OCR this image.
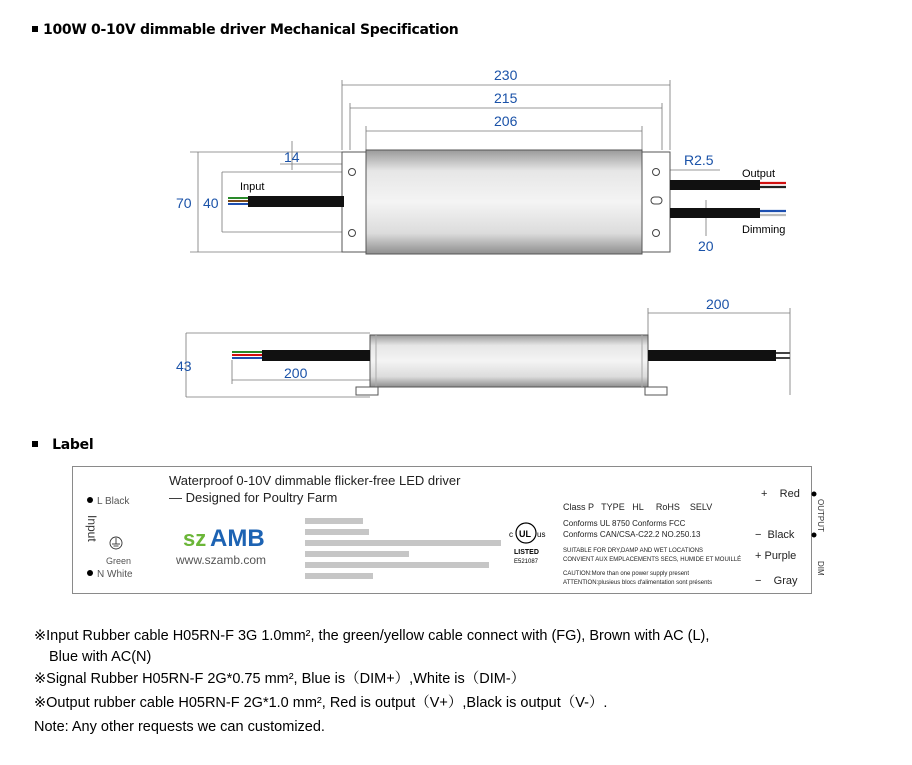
100W 0-10V dimmable driver Mechanical Specification
230
215
206
14
70 40
R2.5
20
Input
Output
Dimming
43	200
200
Label
L Black
Input
Green
N White
Waterproof 0-10V dimmable flicker-free LED driver
— Designed for Poultry Farm
sz AMB
www.szamb.com
UL
c	us
LISTED
E521087
Class P   TYPE   HL     RoHS    SELV
Conforms UL 8750 Conforms FCC
Conforms CAN/CSA-C22.2 NO.250.13
SUITABLE FOR DRY,DAMP AND WET LOCATIONS
CONVIENT AUX EMPLACEMENTS SECS, HUMIDE ET MOUILLÉ
CAUTION:More than one power supply present
ATTENTION:plusieus blocs d'alimentation sont présents
+    Red
−  Black
+ Purple
−    Gray
OUTPUT
DIM
※Input Rubber cable H05RN-F 3G 1.0mm², the green/yellow cable connect with (FG), Brown with AC (L),
Blue with AC(N)
※Signal Rubber H05RN-F 2G*0.75 mm², Blue is（DIM+）,White is（DIM-）
※Output rubber cable H05RN-F 2G*1.0 mm², Red is output（V+）,Black is output（V-）.
Note: Any other requests we can customized.
